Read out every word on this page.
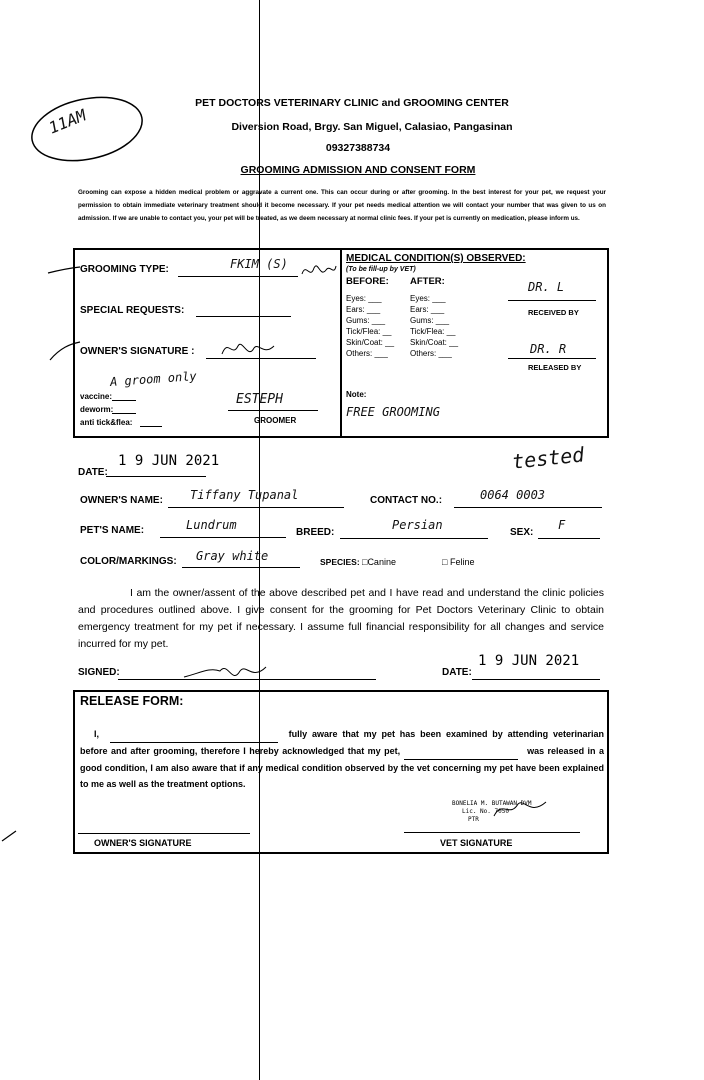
11AM
PET DOCTORS VETERINARY CLINIC and GROOMING CENTER
Diversion Road, Brgy. San Miguel, Calasiao, Pangasinan
09327388734
GROOMING ADMISSION AND CONSENT FORM
Grooming can expose a hidden medical problem or aggravate a current one. This can occur during or after grooming. In the best interest for your pet, we request your permission to obtain immediate veterinary treatment should it become necessary. If your pet needs medical attention we will contact your number that was given to us on admission. If we are unable to contact you, your pet will be treated, as we deem necessary at normal clinic fees. If your pet is currently on medication, please inform us.
GROOMING TYPE:	FKIM (S)
SPECIAL REQUESTS:
OWNER'S SIGNATURE :
A groom only
vaccine:
deworm:
anti tick&flea:
ESTEPH
GROOMER
MEDICAL CONDITION(S) OBSERVED:
(To be fill-up by VET)
BEFORE: AFTER:
Eyes: ___	Eyes: ___
Ears: ___	Ears: ___
Gums: ___	Gums: ___
Tick/Flea: __	Tick/Flea: __
Skin/Coat: __	Skin/Coat: __
Others: ___	Others: ___
DR. L
RECEIVED BY
DR. R
RELEASED BY
Note:
FREE GROOMING
tested
DATE:
1 9 JUN 2021
OWNER'S NAME: Tiffany Tupanal	CONTACT NO.:	0064 0003
PET'S NAME:	Lundrum
BREED:
Persian
SEX:
F
COLOR/MARKINGS: Gray white	SPECIES: □Canine	□ Feline
I am the owner/assent of the above described pet and I have read and understand the clinic policies and procedures outlined above. I give consent for the grooming for Pet Doctors Veterinary Clinic to obtain emergency treatment for my pet if necessary. I assume full financial responsibility for all changes and service incurred for my pet.
SIGNED:	DATE:
1 9 JUN 2021
RELEASE FORM:
I,	fully aware that my pet has been examined by attending veterinarian before and after grooming, therefore I hereby acknowledged that my pet,	was released in a good condition, I am also aware that if any medical condition observed by the vet concerning my pet have been explained to me as well as the treatment options.
BONELIA M. BUTAWAN DVM
Lic. No. 7050
PTR
OWNER'S SIGNATURE	VET SIGNATURE
